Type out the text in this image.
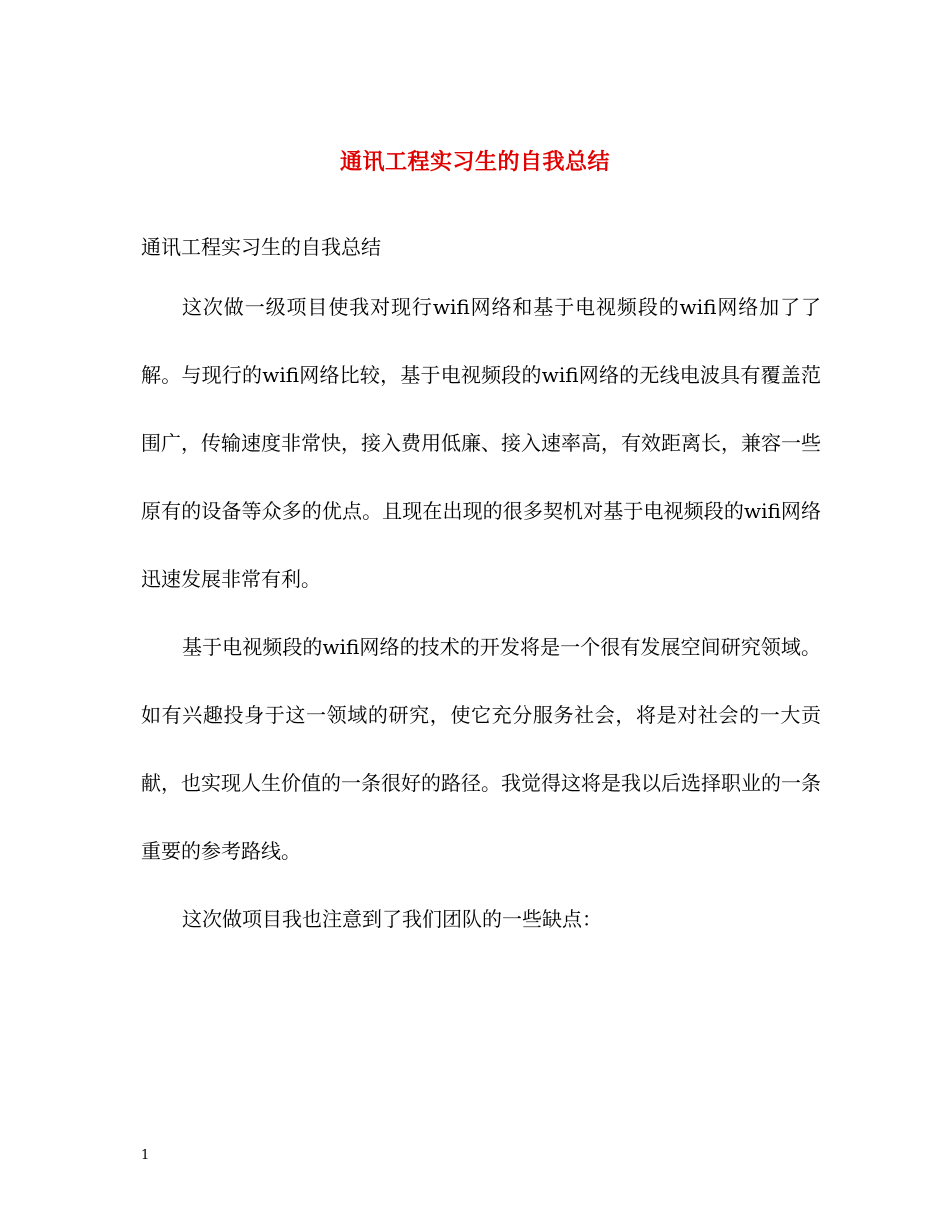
通讯工程实习生的自我总结
通讯工程实习生的自我总结

这次做一级项目使我对现行wifi网络和基于电视频段的wifi网络加了了解。与现行的wifi网络比较，基于电视频段的wifi网络的无线电波具有覆盖范围广，传输速度非常快，接入费用低廉、接入速率高，有效距离长，兼容一些原有的设备等众多的优点。且现在出现的很多契机对基于电视频段的wifi网络迅速发展非常有利。

基于电视频段的wifi网络的技术的开发将是一个很有发展空间研究领域。如有兴趣投身于这一领域的研究，使它充分服务社会，将是对社会的一大贡献，也实现人生价值的一条很好的路径。我觉得这将是我以后选择职业的一条重要的参考路线。

这次做项目我也注意到了我们团队的一些缺点：

1
